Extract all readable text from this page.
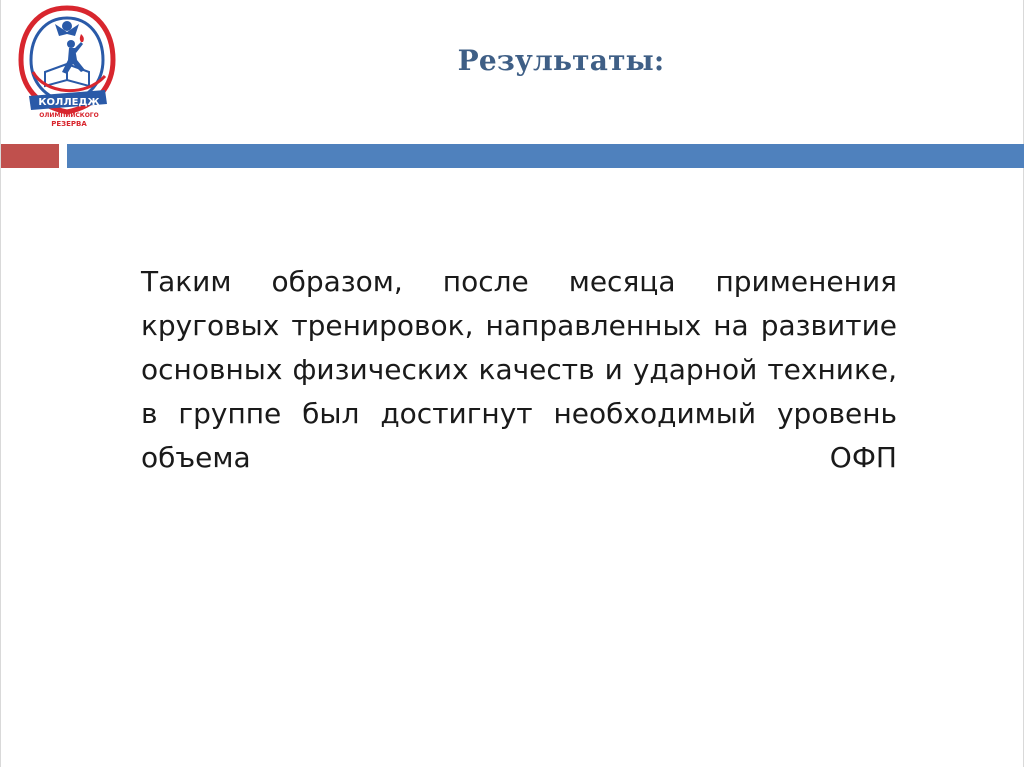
КОЛЛЕДЖ
ОЛИМПИЙСКОГО
РЕЗЕРВА
Результаты:
Таким образом, после месяца применения круговых тренировок, направленных на развитие основных физических качеств и ударной технике, в группе был достигнут необходимый уровень объема ОФП
